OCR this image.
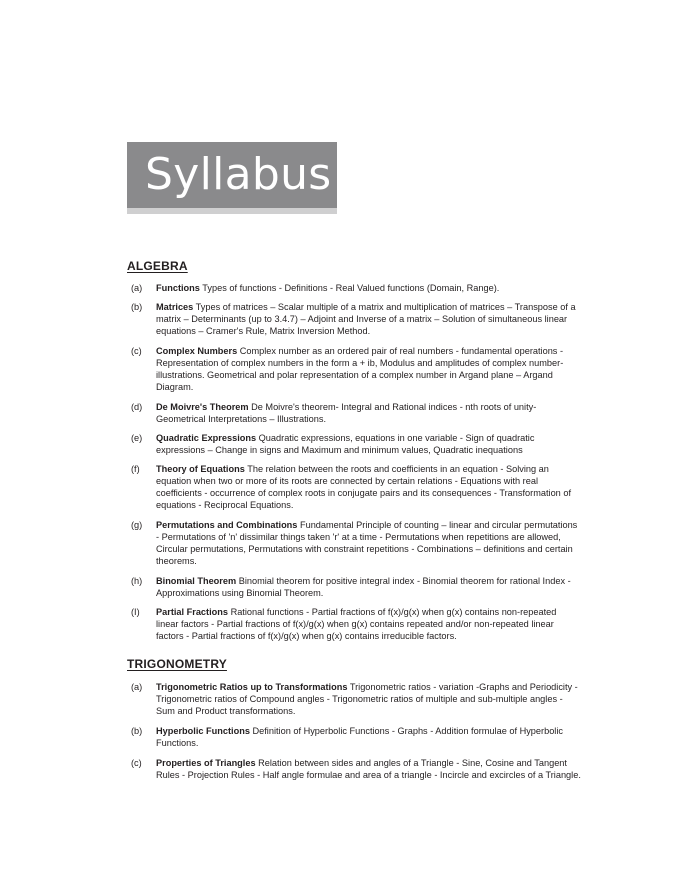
Syllabus
ALGEBRA
(a)	Functions Types of functions - Definitions - Real Valued functions (Domain, Range).
(b)	Matrices Types of matrices – Scalar multiple of a matrix and multiplication of matrices – Transpose of a matrix – Determinants (up to 3.4.7) – Adjoint and Inverse of a matrix – Solution of simultaneous linear equations – Cramer's Rule, Matrix Inversion Method.
(c)	Complex Numbers Complex number as an ordered pair of real numbers - fundamental operations - Representation of complex numbers in the form a + ib, Modulus and amplitudes of complex number-illustrations. Geometrical and polar representation of a complex number in Argand plane – Argand Diagram.
(d)	De Moivre's Theorem De Moivre's theorem- Integral and Rational indices - nth roots of unity- Geometrical Interpretations – Illustrations.
(e)	Quadratic Expressions Quadratic expressions, equations in one variable - Sign of quadratic expressions – Change in signs and Maximum and minimum values, Quadratic inequations
(f)	Theory of Equations The relation between the roots and coefficients in an equation - Solving an equation when two or more of its roots are connected by certain relations - Equations with real coefficients - occurrence of complex roots in conjugate pairs and its consequences - Transformation of equations - Reciprocal Equations.
(g)	Permutations and Combinations Fundamental Principle of counting – linear and circular permutations - Permutations of 'n' dissimilar things taken 'r' at a time - Permutations when repetitions are allowed, Circular permutations, Permutations with constraint repetitions - Combinations – definitions and certain theorems.
(h)	Binomial Theorem Binomial theorem for positive integral index - Binomial theorem for rational Index - Approximations using Binomial Theorem.
(I)	Partial Fractions Rational functions - Partial fractions of f(x)/g(x) when g(x) contains non-repeated linear factors - Partial fractions of f(x)/g(x) when g(x) contains repeated and/or non-repeated linear factors - Partial fractions of f(x)/g(x) when g(x) contains irreducible factors.
TRIGONOMETRY
(a)	Trigonometric Ratios up to Transformations Trigonometric ratios - variation -Graphs and Periodicity - Trigonometric ratios of Compound angles - Trigonometric ratios of multiple and sub-multiple angles - Sum and Product transformations.
(b)	Hyperbolic Functions Definition of Hyperbolic Functions - Graphs - Addition formulae of Hyperbolic Functions.
(c)	Properties of Triangles Relation between sides and angles of a Triangle - Sine, Cosine and Tangent Rules - Projection Rules - Half angle formulae and area of a triangle - Incircle and excircles of a Triangle.
